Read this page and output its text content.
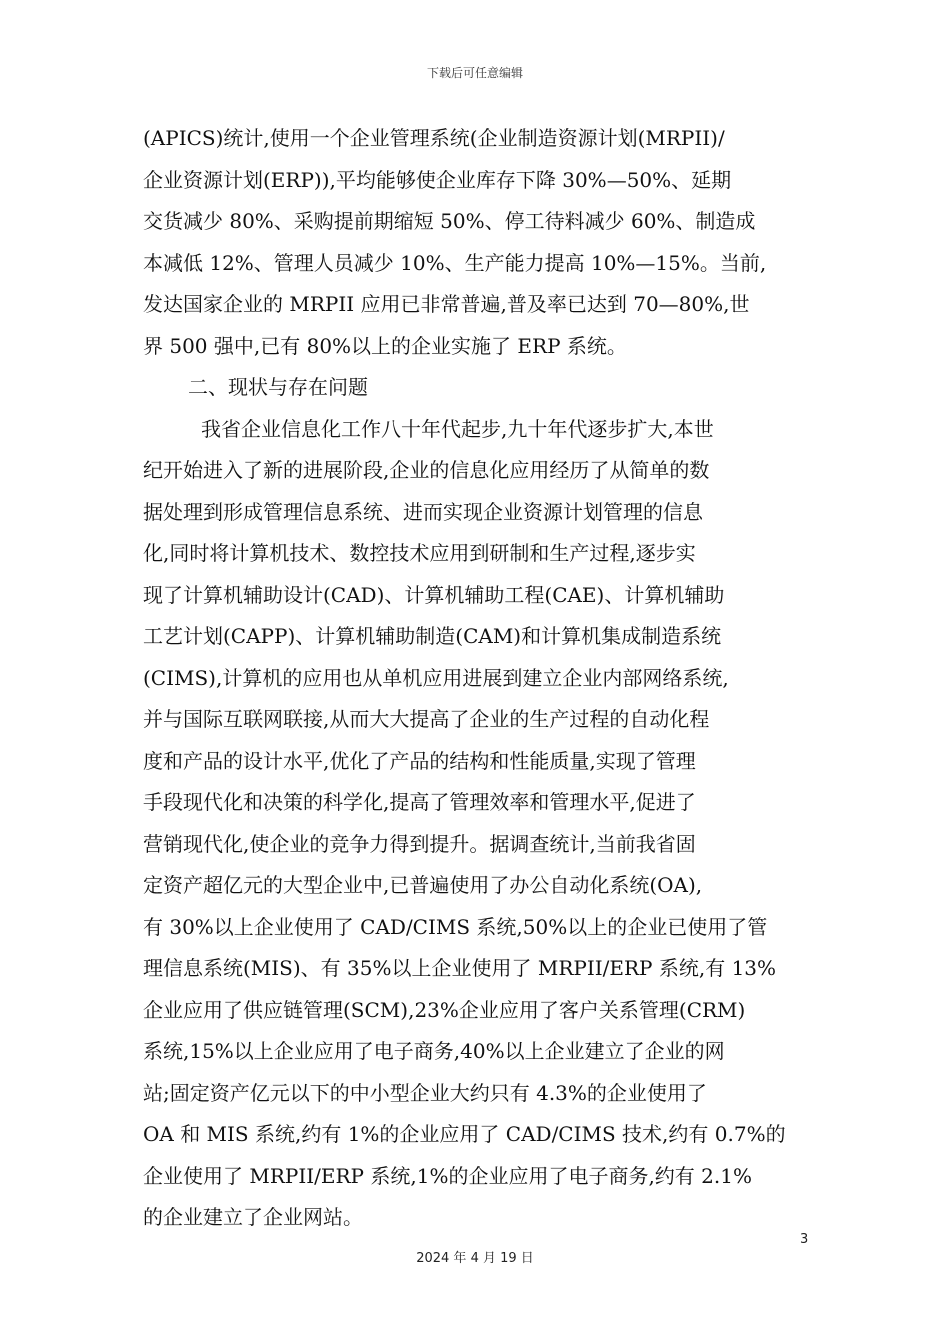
下载后可任意编辑
(APICS)统计,使用一个企业管理系统(企业制造资源计划(MRPII)/
企业资源计划(ERP)),平均能够使企业库存下降 30%—50%、延期
交货减少 80%、采购提前期缩短 50%、停工待料减少 60%、制造成
本减低 12%、管理人员减少 10%、生产能力提高 10%—15%。当前,
发达国家企业的 MRPII 应用已非常普遍,普及率已达到 70—80%,世
界 500 强中,已有 80%以上的企业实施了 ERP 系统。
二、现状与存在问题
我省企业信息化工作八十年代起步,九十年代逐步扩大,本世
纪开始进入了新的进展阶段,企业的信息化应用经历了从简单的数
据处理到形成管理信息系统、进而实现企业资源计划管理的信息
化,同时将计算机技术、数控技术应用到研制和生产过程,逐步实
现了计算机辅助设计(CAD)、计算机辅助工程(CAE)、计算机辅助
工艺计划(CAPP)、计算机辅助制造(CAM)和计算机集成制造系统
(CIMS),计算机的应用也从单机应用进展到建立企业内部网络系统,
并与国际互联网联接,从而大大提高了企业的生产过程的自动化程
度和产品的设计水平,优化了产品的结构和性能质量,实现了管理
手段现代化和决策的科学化,提高了管理效率和管理水平,促进了
营销现代化,使企业的竞争力得到提升。据调查统计,当前我省固
定资产超亿元的大型企业中,已普遍使用了办公自动化系统(OA),
有 30%以上企业使用了 CAD/CIMS 系统,50%以上的企业已使用了管
理信息系统(MIS)、有 35%以上企业使用了 MRPII/ERP 系统,有 13%
企业应用了供应链管理(SCM),23%企业应用了客户关系管理(CRM)
系统,15%以上企业应用了电子商务,40%以上企业建立了企业的网
站;固定资产亿元以下的中小型企业大约只有 4.3%的企业使用了
OA 和 MIS 系统,约有 1%的企业应用了 CAD/CIMS 技术,约有 0.7%的
企业使用了 MRPII/ERP 系统,1%的企业应用了电子商务,约有 2.1%
的企业建立了企业网站。
3
2024 年 4 月 19 日
